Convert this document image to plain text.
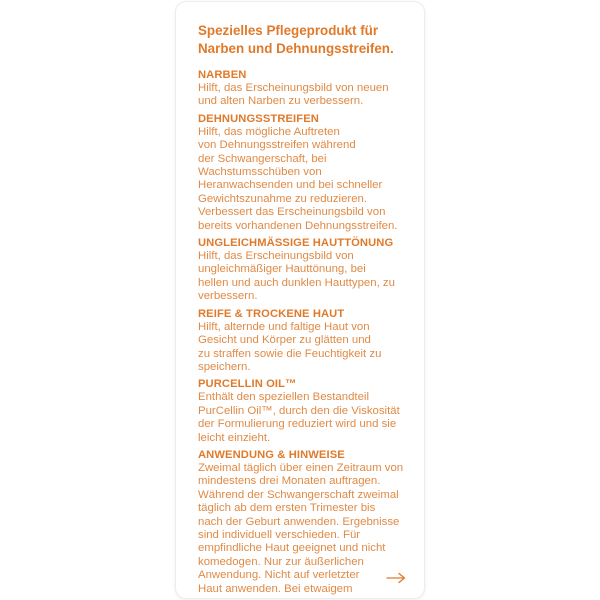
Spezielles Pflegeprodukt für
Narben und Dehnungsstreifen.
NARBEN
Hilft, das Erscheinungsbild von neuen
und alten Narben zu verbessern.
DEHNUNGSSTREIFEN
Hilft, das mögliche Auftreten
von Dehnungsstreifen während
der Schwangerschaft, bei
Wachstumsschüben von
Heranwachsenden und bei schneller
Gewichtszunahme zu reduzieren.
Verbessert das Erscheinungsbild von
bereits vorhandenen Dehnungsstreifen.
UNGLEICHMÄSSIGE HAUTTÖNUNG
Hilft, das Erscheinungsbild von
ungleichmäßiger Hauttönung, bei
hellen und auch dunklen Hauttypen, zu
verbessern.
REIFE & TROCKENE HAUT
Hilft, alternde und faltige Haut von
Gesicht und Körper zu glätten und
zu straffen sowie die Feuchtigkeit zu
speichern.
PURCELLIN OIL™
Enthält den speziellen Bestandteil
PurCellin Oil™, durch den die Viskosität
der Formulierung reduziert wird und sie
leicht einzieht.
ANWENDUNG & HINWEISE
Zweimal täglich über einen Zeitraum von
mindestens drei Monaten auftragen.
Während der Schwangerschaft zweimal
täglich ab dem ersten Trimester bis
nach der Geburt anwenden. Ergebnisse
sind individuell verschieden. Für
empfindliche Haut geeignet und nicht
komedogen. Nur zur äußerlichen
Anwendung. Nicht auf verletzter
Haut anwenden. Bei etwaigem
